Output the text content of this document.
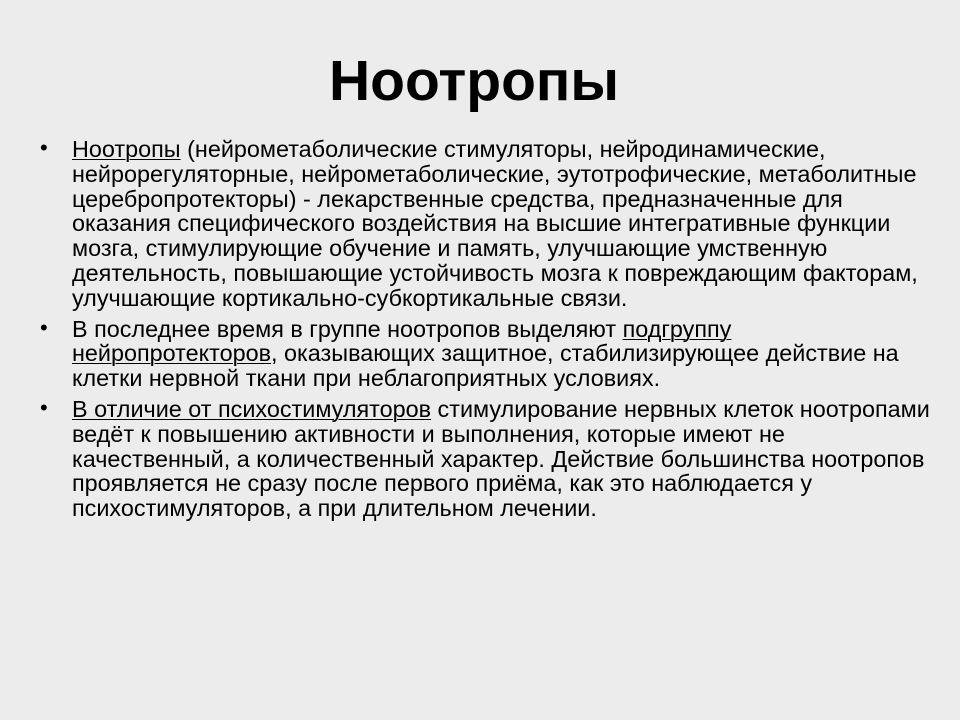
Ноотропы
• Ноотропы (нейрометаболические стимуляторы, нейродинамические, нейрорегуляторные, нейрометаболические, эутотрофические, метаболитные церебропротекторы) - лекарственные средства, предназначенные для оказания специфического воздействия на высшие интегративные функции мозга, стимулирующие обучение и память, улучшающие умственную деятельность, повышающие устойчивость мозга к повреждающим факторам, улучшающие кортикально-субкортикальные связи.
• В последнее время в группе ноотропов выделяют подгруппу нейропротекторов, оказывающих защитное, стабилизирующее действие на клетки нервной ткани при неблагоприятных условиях.
• В отличие от психостимуляторов стимулирование нервных клеток ноотропами ведёт к повышению активности и выполнения, которые имеют не качественный, а количественный характер. Действие большинства ноотропов проявляется не сразу после первого приёма, как это наблюдается у психостимуляторов, а при длительном лечении.
